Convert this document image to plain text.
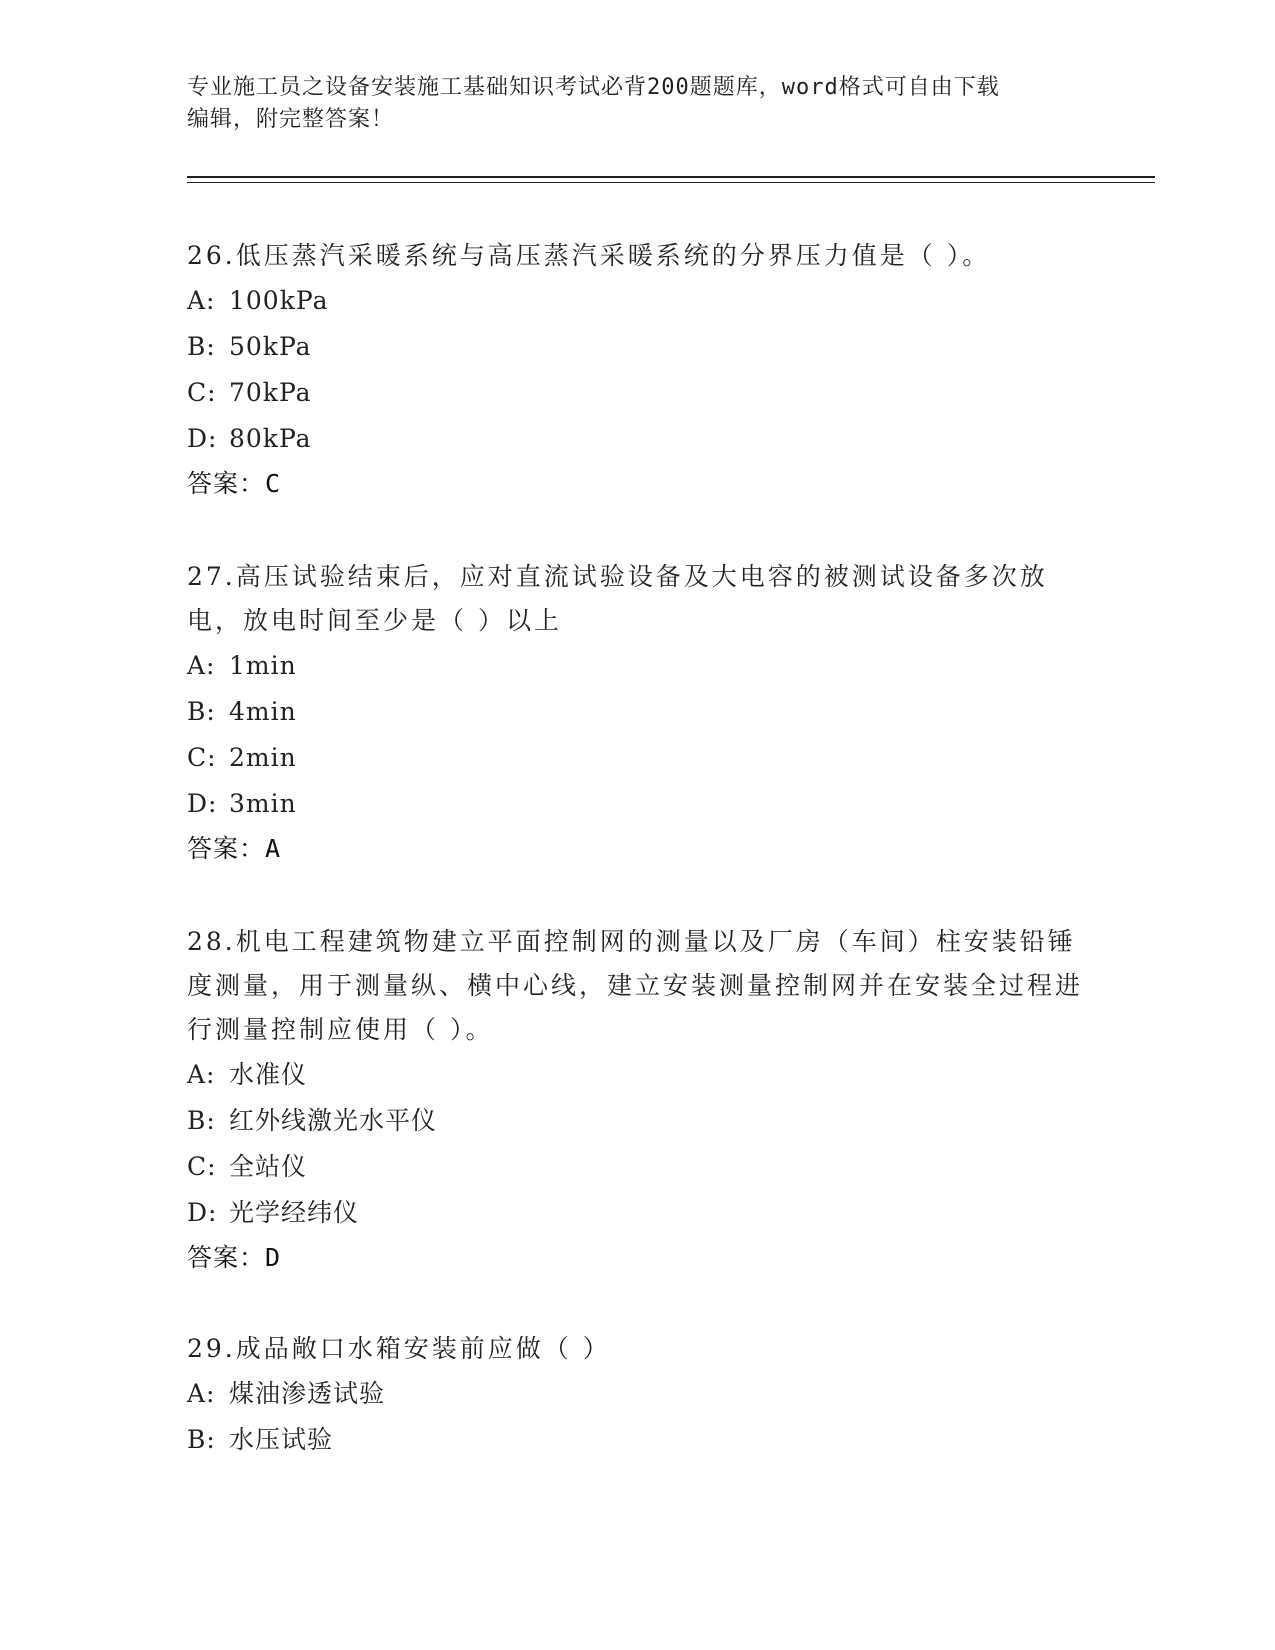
专业施工员之设备安装施工基础知识考试必背200题题库，word格式可自由下载
编辑，附完整答案！

26.低压蒸汽采暖系统与高压蒸汽采暖系统的分界压力值是（ ）。

A: 100kPa

B: 50kPa

C: 70kPa

D: 80kPa

答案：C

27.高压试验结束后，应对直流试验设备及大电容的被测试设备多次放电，放电时间至少是（ ）以上

A: 1min

B: 4min

C: 2min

D: 3min

答案：A

28.机电工程建筑物建立平面控制网的测量以及厂房（车间）柱安装铅锤度测量，用于测量纵、横中心线，建立安装测量控制网并在安装全过程进行测量控制应使用（ ）。

A: 水准仪

B: 红外线激光水平仪

C: 全站仪

D: 光学经纬仪

答案：D

29.成品敞口水箱安装前应做（ ）

A: 煤油渗透试验

B: 水压试验
